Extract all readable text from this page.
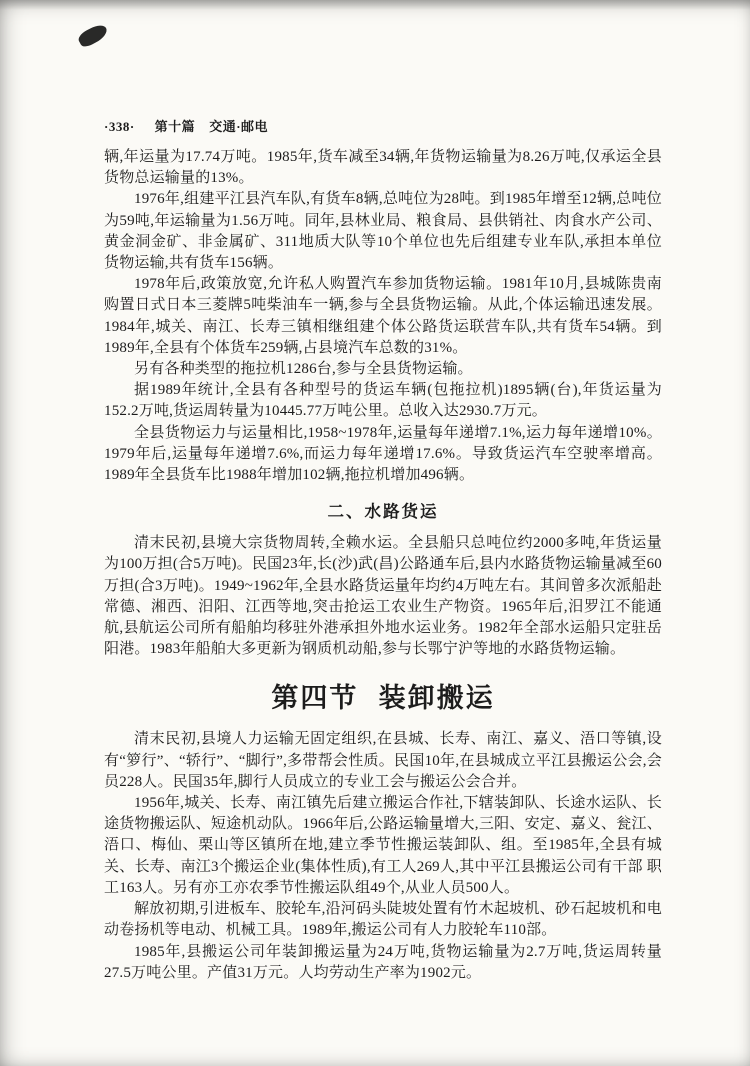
·338· 第十篇 交通·邮电

辆,年运量为17.74万吨。1985年,货车减至34辆,年货物运输量为8.26万吨,仅承运全县货物总运输量的13%。

1976年,组建平江县汽车队,有货车8辆,总吨位为28吨。到1985年增至12辆,总吨位为59吨,年运输量为1.56万吨。同年,县林业局、粮食局、县供销社、肉食水产公司、黄金洞金矿、非金属矿、311地质大队等10个单位也先后组建专业车队,承担本单位货物运输,共有货车156辆。

1978年后,政策放宽,允许私人购置汽车参加货物运输。1981年10月,县城陈贵南购置日式日本三菱牌5吨柴油车一辆,参与全县货物运输。从此,个体运输迅速发展。1984年,城关、南江、长寿三镇相继组建个体公路货运联营车队,共有货车54辆。到1989年,全县有个体货车259辆,占县境汽车总数的31%。

另有各种类型的拖拉机1286台,参与全县货物运输。

据1989年统计,全县有各种型号的货运车辆(包拖拉机)1895辆(台),年货运量为152.2万吨,货运周转量为10445.77万吨公里。总收入达2930.7万元。

全县货物运力与运量相比,1958~1978年,运量每年递增7.1%,运力每年递增10%。1979年后,运量每年递增7.6%,而运力每年递增17.6%。导致货运汽车空驶率增高。1989年全县货车比1988年增加102辆,拖拉机增加496辆。

二、水路货运

清末民初,县境大宗货物周转,全赖水运。全县船只总吨位约2000多吨,年货运量为100万担(合5万吨)。民国23年,长(沙)武(昌)公路通车后,县内水路货物运输量减至60万担(合3万吨)。1949~1962年,全县水路货运量年均约4万吨左右。其间曾多次派船赴常德、湘西、汨阳、江西等地,突击抢运工农业生产物资。1965年后,汨罗江不能通航,县航运公司所有船舶均移驻外港承担外地水运业务。1982年全部水运船只定驻岳阳港。1983年船舶大多更新为钢质机动船,参与长鄂宁沪等地的水路货物运输。

第四节 装卸搬运

清末民初,县境人力运输无固定组织,在县城、长寿、南江、嘉义、浯口等镇,设有“箩行”、“轿行”、“脚行”,多带帮会性质。民国10年,在县城成立平江县搬运公会,会员228人。民国35年,脚行人员成立的专业工会与搬运公会合并。

1956年,城关、长寿、南江镇先后建立搬运合作社,下辖装卸队、长途水运队、长途货物搬运队、短途机动队。1966年后,公路运输量增大,三阳、安定、嘉义、瓮江、浯口、梅仙、栗山等区镇所在地,建立季节性搬运装卸队、组。至1985年,全县有城关、长寿、南江3个搬运企业(集体性质),有工人269人,其中平江县搬运公司有干部 职工163人。另有亦工亦农季节性搬运队组49个,从业人员500人。

解放初期,引进板车、胶轮车,沿河码头陡坡处置有竹木起坡机、砂石起坡机和电动卷扬机等电动、机械工具。1989年,搬运公司有人力胶轮车110部。

1985年,县搬运公司年装卸搬运量为24万吨,货物运输量为2.7万吨,货运周转量27.5万吨公里。产值31万元。人均劳动生产率为1902元。
